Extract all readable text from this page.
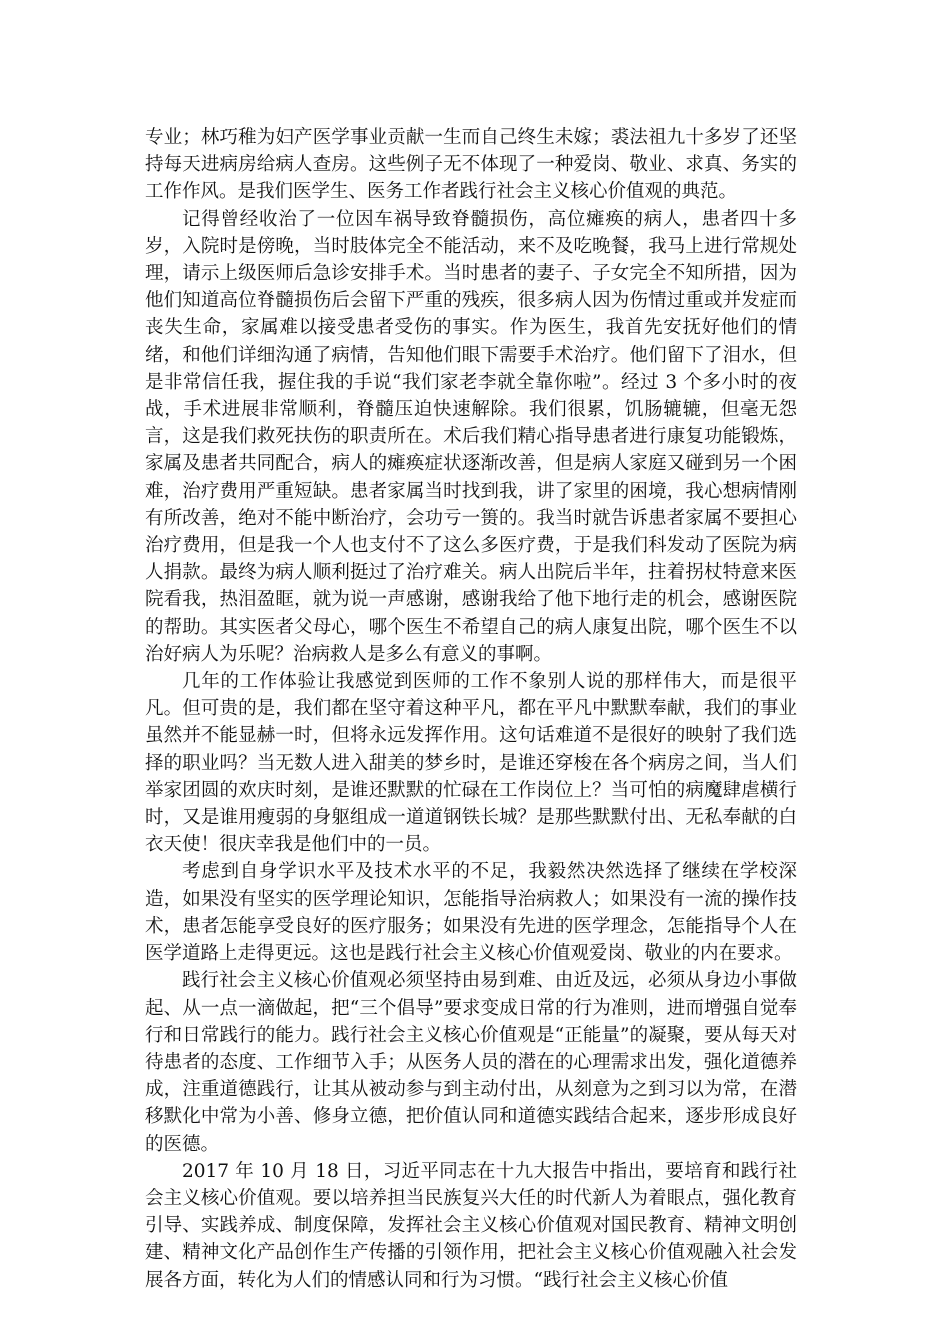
专业；林巧稚为妇产医学事业贡献一生而自己终生未嫁；裘法祖九十多岁了还坚持每天进病房给病人查房。这些例子无不体现了一种爱岗、敬业、求真、务实的工作作风。是我们医学生、医务工作者践行社会主义核心价值观的典范。

记得曾经收治了一位因车祸导致脊髓损伤，高位瘫痪的病人，患者四十多岁，入院时是傍晚，当时肢体完全不能活动，来不及吃晚餐，我马上进行常规处理，请示上级医师后急诊安排手术。当时患者的妻子、子女完全不知所措，因为他们知道高位脊髓损伤后会留下严重的残疾，很多病人因为伤情过重或并发症而丧失生命，家属难以接受患者受伤的事实。作为医生，我首先安抚好他们的情绪，和他们详细沟通了病情，告知他们眼下需要手术治疗。他们留下了泪水，但是非常信任我，握住我的手说“我们家老李就全靠你啦”。经过 3 个多小时的夜战，手术进展非常顺利，脊髓压迫快速解除。我们很累，饥肠辘辘，但毫无怨言，这是我们救死扶伤的职责所在。术后我们精心指导患者进行康复功能锻炼，家属及患者共同配合，病人的瘫痪症状逐渐改善，但是病人家庭又碰到另一个困难，治疗费用严重短缺。患者家属当时找到我，讲了家里的困境，我心想病情刚有所改善，绝对不能中断治疗，会功亏一篑的。我当时就告诉患者家属不要担心治疗费用，但是我一个人也支付不了这么多医疗费，于是我们科发动了医院为病人捐款。最终为病人顺利挺过了治疗难关。病人出院后半年，拄着拐杖特意来医院看我，热泪盈眶，就为说一声感谢，感谢我给了他下地行走的机会，感谢医院的帮助。其实医者父母心，哪个医生不希望自己的病人康复出院，哪个医生不以治好病人为乐呢？治病救人是多么有意义的事啊。

几年的工作体验让我感觉到医师的工作不象别人说的那样伟大，而是很平凡。但可贵的是，我们都在坚守着这种平凡，都在平凡中默默奉献，我们的事业虽然并不能显赫一时，但将永远发挥作用。这句话难道不是很好的映射了我们选择的职业吗？当无数人进入甜美的梦乡时，是谁还穿梭在各个病房之间，当人们举家团圆的欢庆时刻，是谁还默默的忙碌在工作岗位上？当可怕的病魔肆虐横行时，又是谁用瘦弱的身躯组成一道道钢铁长城？是那些默默付出、无私奉献的白衣天使！很庆幸我是他们中的一员。

考虑到自身学识水平及技术水平的不足，我毅然决然选择了继续在学校深造，如果没有坚实的医学理论知识，怎能指导治病救人；如果没有一流的操作技术，患者怎能享受良好的医疗服务；如果没有先进的医学理念，怎能指导个人在医学道路上走得更远。这也是践行社会主义核心价值观爱岗、敬业的内在要求。

践行社会主义核心价值观必须坚持由易到难、由近及远，必须从身边小事做起、从一点一滴做起，把“三个倡导”要求变成日常的行为准则，进而增强自觉奉行和日常践行的能力。践行社会主义核心价值观是“正能量”的凝聚，要从每天对待患者的态度、工作细节入手；从医务人员的潜在的心理需求出发，强化道德养成，注重道德践行，让其从被动参与到主动付出，从刻意为之到习以为常，在潜移默化中常为小善、修身立德，把价值认同和道德实践结合起来，逐步形成良好的医德。

2017 年 10 月 18 日，习近平同志在十九大报告中指出，要培育和践行社会主义核心价值观。要以培养担当民族复兴大任的时代新人为着眼点，强化教育引导、实践养成、制度保障，发挥社会主义核心价值观对国民教育、精神文明创建、精神文化产品创作生产传播的引领作用，把社会主义核心价值观融入社会发展各方面，转化为人们的情感认同和行为习惯。“践行社会主义核心价值
